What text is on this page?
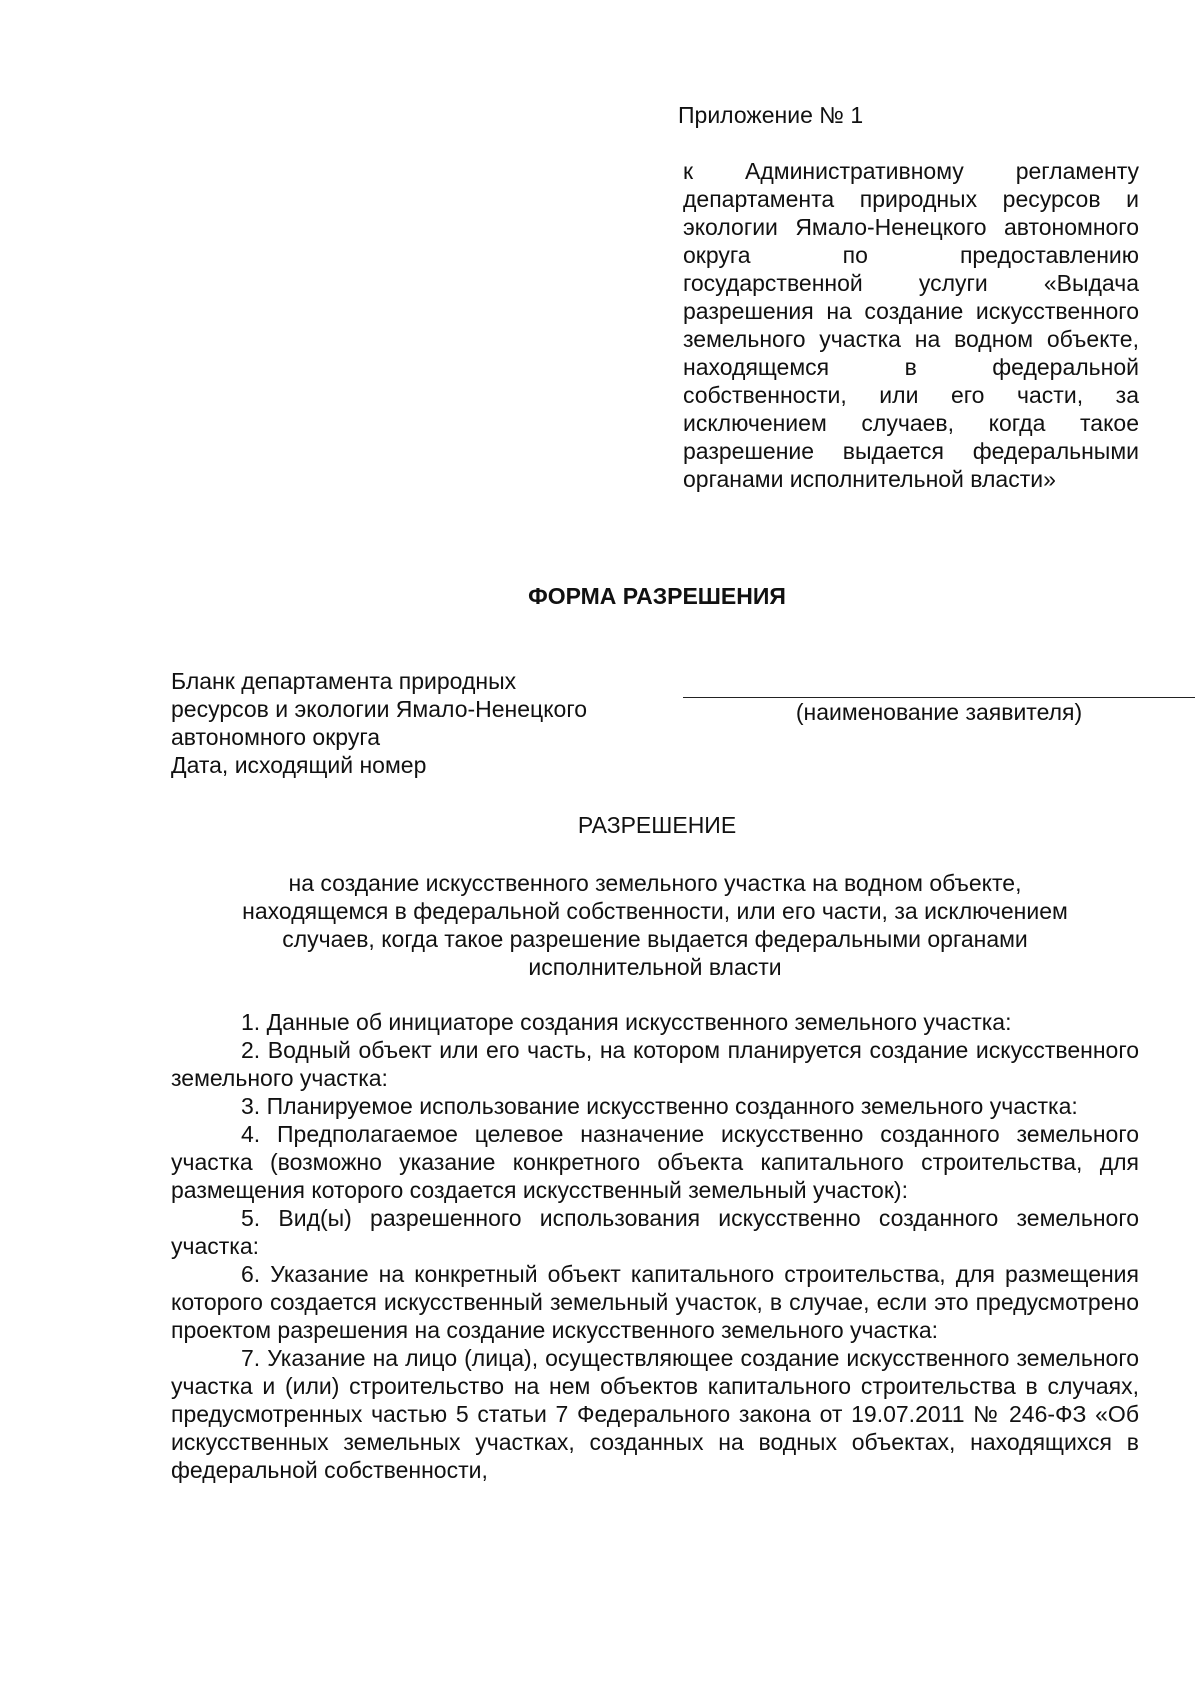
Приложение № 1
к Административному регламенту департамента природных ресурсов и экологии Ямало-Ненецкого автономного округа по предоставлению государственной услуги «Выдача разрешения на создание искусственного земельного участка на водном объекте, находящемся в федеральной собственности, или его части, за исключением случаев, когда такое разрешение выдается федеральными органами исполнительной власти»
ФОРМА РАЗРЕШЕНИЯ
Бланк департамента природных
ресурсов и экологии Ямало-Ненецкого
автономного округа
Дата, исходящий номер
(наименование заявителя)
РАЗРЕШЕНИЕ
на создание искусственного земельного участка на водном объекте,
находящемся в федеральной собственности, или его части, за исключением
случаев, когда такое разрешение выдается федеральными органами
исполнительной власти

1. Данные об инициаторе создания искусственного земельного участка:

2. Водный объект или его часть, на котором планируется создание искусственного земельного участка:

3. Планируемое использование искусственно созданного земельного участка:

4. Предполагаемое целевое назначение искусственно созданного земельного участка (возможно указание конкретного объекта капитального строительства, для размещения которого создается искусственный земельный участок):

5. Вид(ы) разрешенного использования искусственно созданного земельного участка:

6. Указание на конкретный объект капитального строительства, для размещения которого создается искусственный земельный участок, в случае, если это предусмотрено проектом разрешения на создание искусственного земельного участка:

7. Указание на лицо (лица), осуществляющее создание искусственного земельного участка и (или) строительство на нем объектов капитального строительства в случаях, предусмотренных частью 5 статьи 7 Федерального закона от 19.07.2011 № 246-ФЗ «Об искусственных земельных участках, созданных на водных объектах, находящихся в федеральной собственности,
